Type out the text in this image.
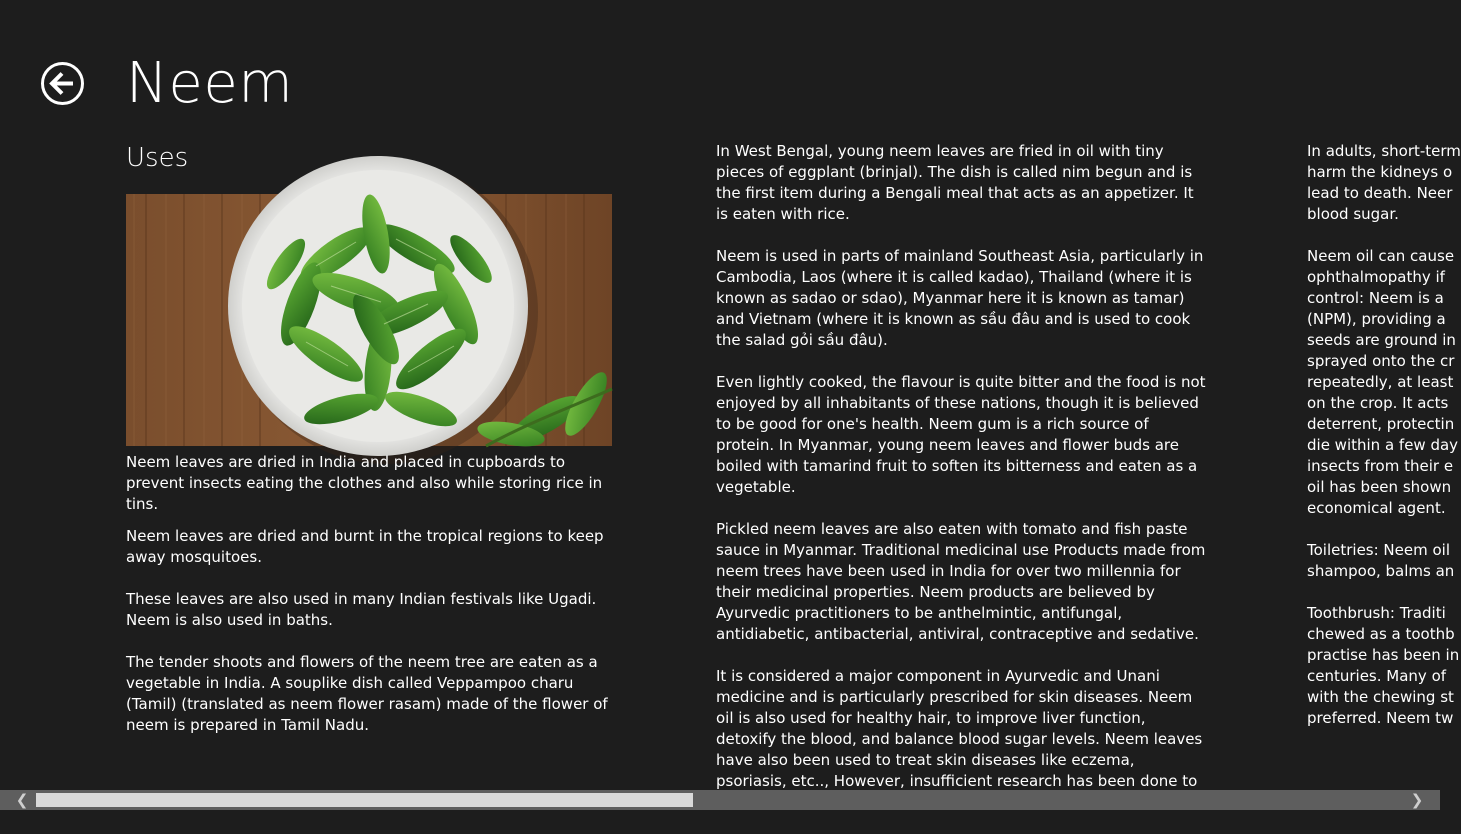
Neem
Uses

Neem leaves are dried in India and placed in cupboards to prevent insects eating the clothes and also while storing rice in tins.

Neem leaves are dried and burnt in the tropical regions to keep away mosquitoes.

These leaves are also used in many Indian festivals like Ugadi. Neem is also used in baths.

The tender shoots and flowers of the neem tree are eaten as a vegetable in India. A souplike dish called Veppampoo charu (Tamil) (translated as neem flower rasam) made of the flower of neem is prepared in Tamil Nadu.

In West Bengal, young neem leaves are fried in oil with tiny pieces of eggplant (brinjal). The dish is called nim begun and is the first item during a Bengali meal that acts as an appetizer. It is eaten with rice.

Neem is used in parts of mainland Southeast Asia, particularly in Cambodia, Laos (where it is called kadao), Thailand (where it is known as sadao or sdao), Myanmar here it is known as tamar) and Vietnam (where it is known as sầu đâu and is used to cook the salad gỏi sầu đâu).

Even lightly cooked, the flavour is quite bitter and the food is not enjoyed by all inhabitants of these nations, though it is believed to be good for one's health. Neem gum is a rich source of protein. In Myanmar, young neem leaves and flower buds are boiled with tamarind fruit to soften its bitterness and eaten as a vegetable.

Pickled neem leaves are also eaten with tomato and fish paste sauce in Myanmar. Traditional medicinal use Products made from neem trees have been used in India for over two millennia for their medicinal properties. Neem products are believed by Ayurvedic practitioners to be anthelmintic, antifungal, antidiabetic, antibacterial, antiviral, contraceptive and sedative.

It is considered a major component in Ayurvedic and Unani medicine and is particularly prescribed for skin diseases. Neem oil is also used for healthy hair, to improve liver function, detoxify the blood, and balance blood sugar levels. Neem leaves have also been used to treat skin diseases like eczema, psoriasis, etc.., However, insufficient research has been done to

In adults, short-term
harm the kidneys o
lead to death. Neer
blood sugar.

Neem oil can cause
ophthalmopathy if
control: Neem is a
(NPM), providing a
seeds are ground in
sprayed onto the cr
repeatedly, at least
on the crop. It acts
deterrent, protectin
die within a few day
insects from their e
oil has been shown
economical agent.

Toiletries: Neem oil
shampoo, balms an

Toothbrush: Traditi
chewed as a toothb
practise has been in
centuries. Many of
with the chewing st
preferred. Neem tw

❮	❯
